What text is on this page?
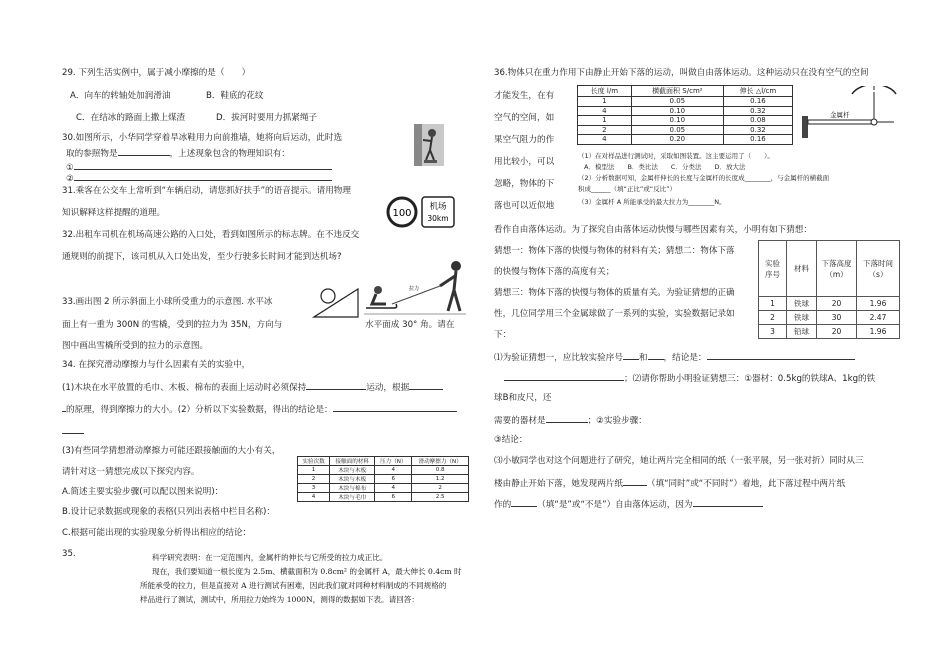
29. 下列生活实例中，属于减小摩擦的是（　　）
A．向车的转轴处加润滑油	B．鞋底的花纹
C．在结冰的路面上撒上煤渣	D．拔河时要用力抓紧绳子
30.如图所示，小华同学穿着旱冰鞋用力向前推墙，她将向后运动，此时选
取的参照物是	，上述现象包含的物理知识有：
①
②
31.乘客在公交车上常听到“车辆启动，请您抓好扶手”的语音提示。请用物理
知识解释这样提醒的道理。	100
机场
30km
32.出租车司机在机场高速公路的入口处，看到如图所示的标志牌。在不违反交
通规则的前提下，该司机从入口处出发，至少行驶多长时间才能到达机场?
拉力
33.画出图 2 所示斜面上小球所受重力的示意图. 水平冰
面上有一重为 300N 的雪橇，受到的拉力为 35N，方向与	水平面成 30° 角。请在
图中画出雪橇所受到的拉力的示意图。
34. 在探究滑动摩擦力与什么因素有关的实验中，
(1)木块在水平放置的毛巾、木板、棉布的表面上运动时必须保持	运动，根据
的原理，得到摩擦力的大小。(2）分析以下实验数据，得出的结论是：
(3)有些同学猜想滑动摩擦力可能还跟接触面的大小有关，
请针对这一猜想完成以下探究内容。
A.简述主要实验步骤(可以配以图来说明)：
B.设计记录数据或现象的表格(只列出表格中栏目名称)：
C.根据可能出现的实验现象分析得出相应的结论：
实验次数	接触面的材料	压力（N）	滑动摩擦力（N）
1	木块与木板	4	0.8
2	木块与木板	6	1.2
3	木块与棉布	4	2
4	木块与毛巾	6	2.5
35.	科学研究表明：在一定范围内，金属杆的伸长与它所受的拉力成正比。
现在，我们要知道一根长度为 2.5m、横截面积为 0.8cm² 的金属杆 A，最大伸长 0.4cm 时
所能承受的拉力，但是直接对 A 进行测试有困难，因此我们就对同种材料制成的不同规格的
样品进行了测试，测试中，所用拉力始终为 1000N，测得的数据如下表。请回答：
36.物体只在重力作用下由静止开始下落的运动，叫做自由落体运动。这种运动只在没有空气的空间
才能发生，在有
空气的空间，如
果空气阻力的作
用比较小，可以
忽略，物体的下
落也可以近似地
长度 l/m	横截面积 S/cm²	伸长 △l/cm
1	0.05	0.16
4	0.10	0.32
1	0.10	0.08
2	0.05	0.32
4	0.20	0.16
金属杆
（1）在对样品进行测试时，采取如图装置。这主要运用了（　　）。
A．模型法　　B．类比法　　C．分类法　　D．放大法
（2）分析数据可知，金属杆伸长的长度与金属杆的长度成________，与金属杆的横截面
积成______（填“正比”或“反比”）
（3）金属杆 A 所能承受的最大拉力为________N。
看作自由落体运动。为了探究自由落体运动快慢与哪些因素有关，小明有如下猜想：
猜想一：物体下落的快慢与物体的材料有关；猜想二：物体下落
的快慢与物体下落的高度有关；
猜想三：物体下落的快慢与物体的质量有关。为验证猜想的正确
性，几位同学用三个金属球做了一系列的实验，实验数据记录如
下：
实验序号	材料	下落高度（m）	下落时间（s）
1	铁球	20	1.96
2	铁球	30	2.47
3	铅球	20	1.96
⑴为验证猜想一，应比较实验序号 和 ，结论是：
；⑵请你帮助小明验证猜想三：①器材：0.5kg的铁球A、1kg的铁
球B和皮尺，还
需要的器材是	；②实验步骤：
③结论：
⑶小敏同学也对这个问题进行了研究，她让两片完全相同的纸（一张平展，另一张对折）同时从三
楼由静止开始下落，她发现两片纸	（填“同时”或“不同时”）着地，此下落过程中两片纸
作的	（填“是”或“不是”）自由落体运动，因为
